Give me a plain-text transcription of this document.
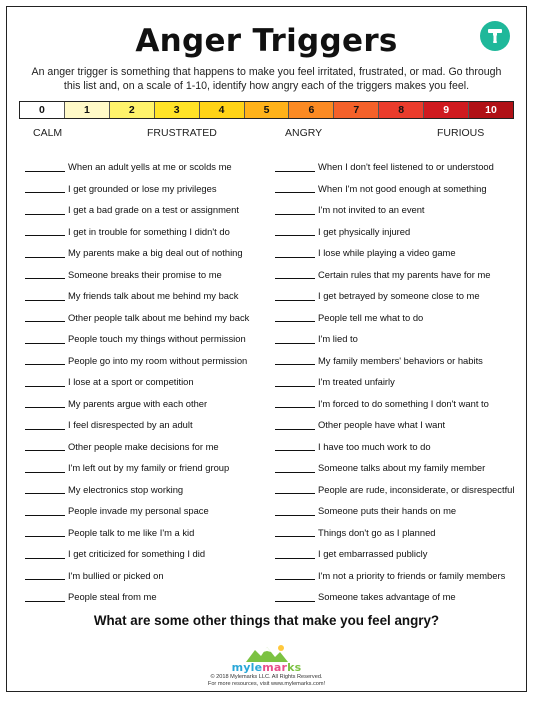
Anger Triggers
An anger trigger is something that happens to make you feel irritated, frustrated, or mad. Go through
this list and, on a scale of 1-10, identify how angry each of the triggers makes you feel.
0	1	2	3	4	5	6	7	8	9	10
CALM	FRUSTRATED	ANGRY	FURIOUS
When an adult yells at me or scolds me
I get grounded or lose my privileges
I get a bad grade on a test or assignment
I get in trouble for something I didn't do
My parents make a big deal out of nothing
Someone breaks their promise to me
My friends talk about me behind my back
Other people talk about me behind my back
People touch my things without permission
People go into my room without permission
I lose at a sport or competition
My parents argue with each other
I feel disrespected by an adult
Other people make decisions for me
I'm left out by my family or friend group
My electronics stop working
People invade my personal space
People talk to me like I'm a kid
I get criticized for something I did
I'm bullied or picked on
People steal from me
When I don't feel listened to or understood
When I'm not good enough at something
I'm not invited to an event
I get physically injured
I lose while playing a video game
Certain rules that my parents have for me
I get betrayed by someone close to me
People tell me what to do
I'm lied to
My family members' behaviors or habits
I'm treated unfairly
I'm forced to do something I don't want to
Other people have what I want
I have too much work to do
Someone talks about my family member
People are rude, inconsiderate, or disrespectful
Someone puts their hands on me
Things don't go as I planned
I get embarrassed publicly
I'm not a priority to friends or family members
Someone takes advantage of me
What are some other things that make you feel angry?
mylemarks
© 2018 Mylemarks LLC. All Rights Reserved.
For more resources, visit www.mylemarks.com!
